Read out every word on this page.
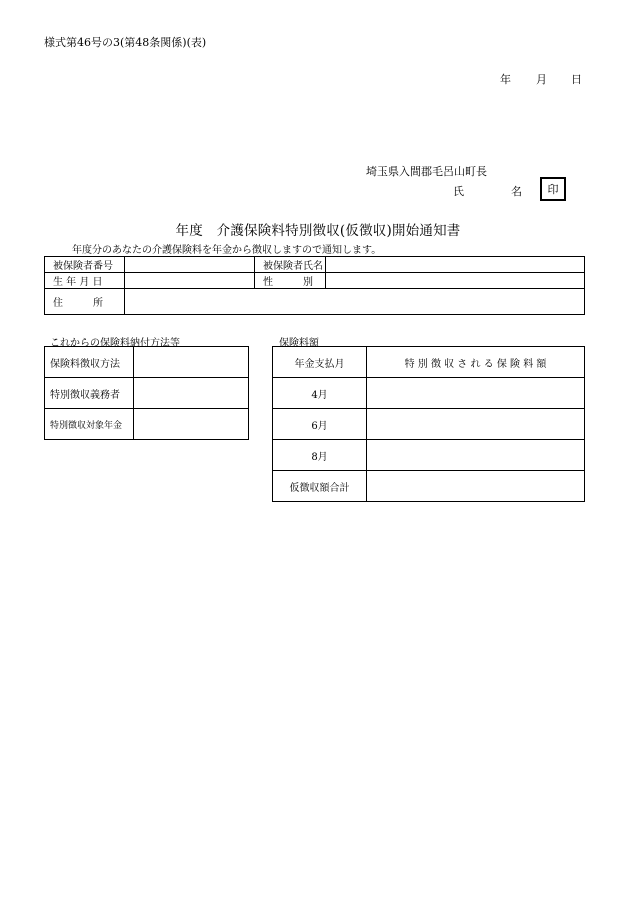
様式第46号の3(第48条関係)(表)
年 月 日
埼玉県入間郡毛呂山町長
氏	名 印
年度　介護保険料特別徴収(仮徴収)開始通知書
年度分のあなたの介護保険料を年金から徴収しますので通知します。
被保険者番号		被保険者氏名	
生 年 月 日		性　　　別	
住 所			
これからの保険料納付方法等
保険料徴収方法	
特別徴収義務者	
特別徴収対象年金	
保険料額
年金支払月	特 別 徴 収 さ れ る 保 険 料 額
4月	
6月	
8月	
仮徴収額合計	
